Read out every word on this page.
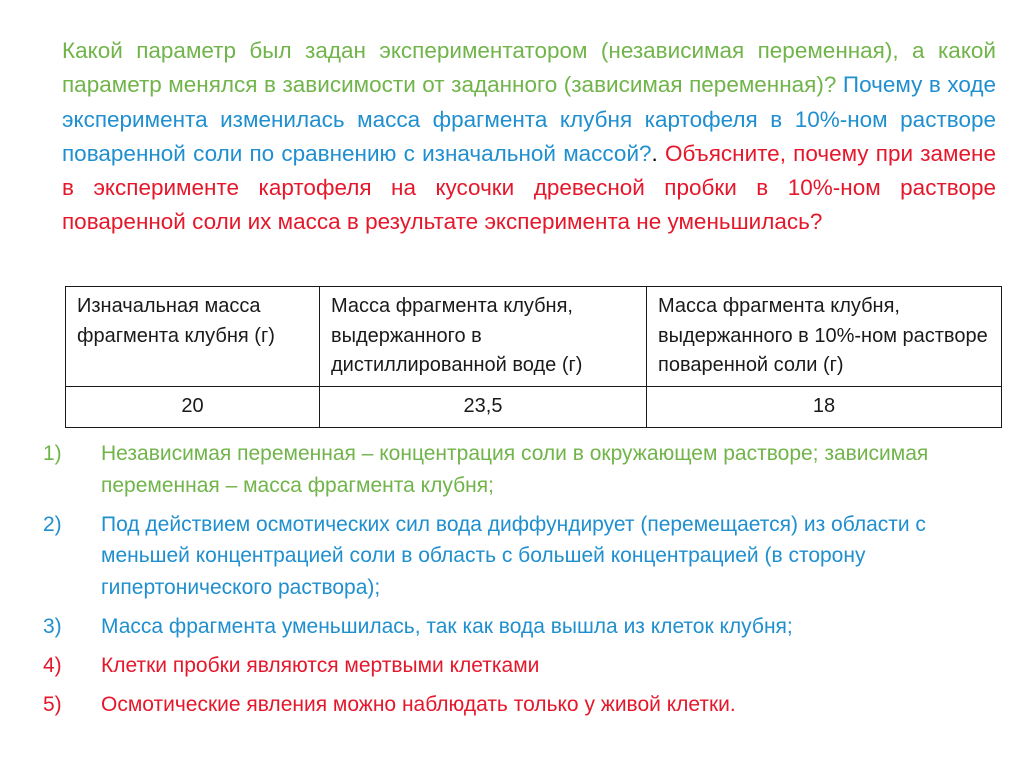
Какой параметр был задан экспериментатором (независимая переменная), а какой параметр менялся в зависимости от заданного (зависимая переменная)? Почему в ходе эксперимента изменилась масса фрагмента клубня картофеля в 10%-ном растворе поваренной соли по сравнению с изначальной массой?. Объясните, почему при замене в эксперименте картофеля на кусочки древесной пробки в 10%-ном растворе поваренной соли их масса в результате эксперимента не уменьшилась?
Изначальная масса фрагмента клубня (г)	Масса фрагмента клубня, выдержанного в дистиллированной воде (г)	Масса фрагмента клубня, выдержанного в 10%-ном растворе поваренной соли (г)
20	23,5	18
1)	Независимая переменная – концентрация соли в окружающем растворе; зависимая переменная – масса фрагмента клубня;
2)	Под действием осмотических сил вода диффундирует (перемещается) из области с меньшей концентрацией соли в область с большей концентрацией (в сторону гипертонического раствора);
3)	Масса фрагмента уменьшилась, так как вода вышла из клеток клубня;
4)	Клетки пробки являются мертвыми клетками
5)	Осмотические явления можно наблюдать только у живой клетки.
